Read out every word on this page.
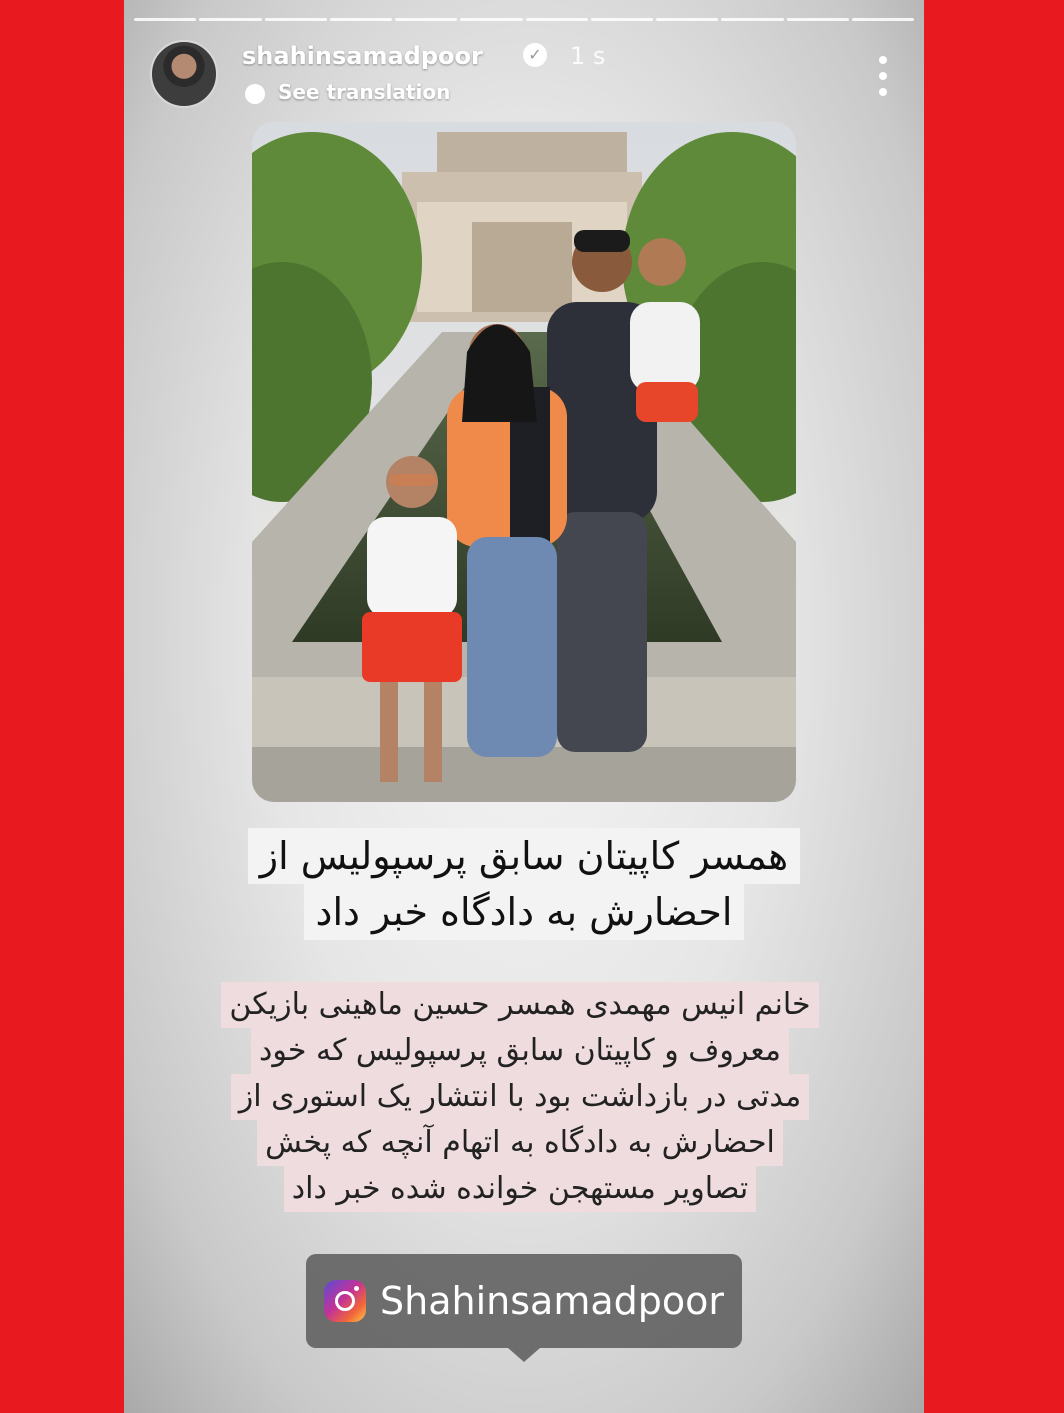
shahinsamadpoor	✓ 1 s
See translation
همسر کاپیتان سابق پرسپولیس از
احضارش به دادگاه خبر داد
خانم انیس مهمدی همسر حسین ماهینی بازیکن
معروف و کاپیتان سابق پرسپولیس که خود
مدتی در بازداشت بود با انتشار یک استوری از
احضارش به دادگاه به اتهام آنچه که پخش
تصاویر مستهجن خوانده شده خبر داد
Shahinsamadpoor
